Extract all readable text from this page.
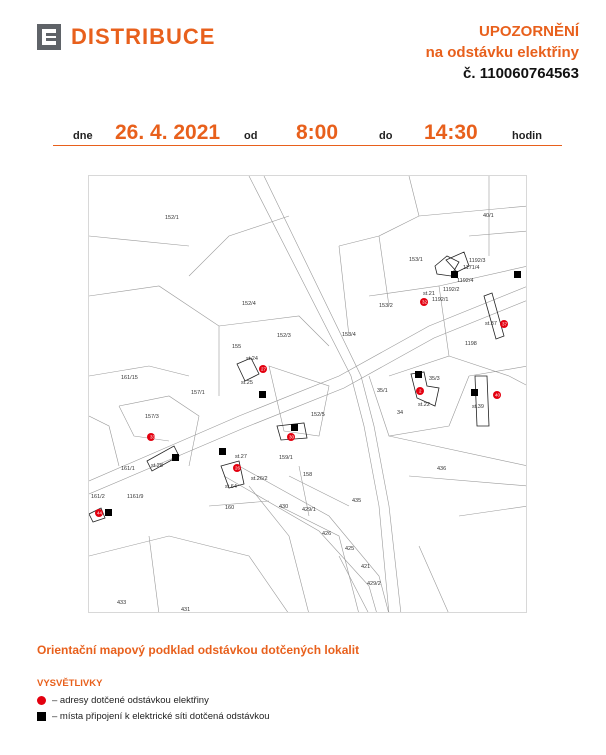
DISTRIBUCE	UPOZORNĚNÍ
na odstávku elektřiny
č. 110060764563
dne 26. 4. 2021 od 8:00	do 14:30	hodin
152/1	40/1
1192/3
1171/4
1192/4
1192/2
1192/1
153/1
st.21
153/2
152/4
152/3
st.24
155
153/4
st.37
1198
161/15
157/1
st.25
35/1
35/3
st.22
34
st.39
157/3	152/5
159/1
161/1	st.28
st.27
st.26/2
158
436
st.64
161/2	1161/9
160	430	429/1
435
426
425
421
429/2
433
431
33
27
32
37
2
40
30
26
44
Orientační mapový podklad odstávkou dotčených lokalit
VYSVĚTLIVKY
– adresy dotčené odstávkou elektřiny
– místa připojení k elektrické síti dotčená odstávkou
